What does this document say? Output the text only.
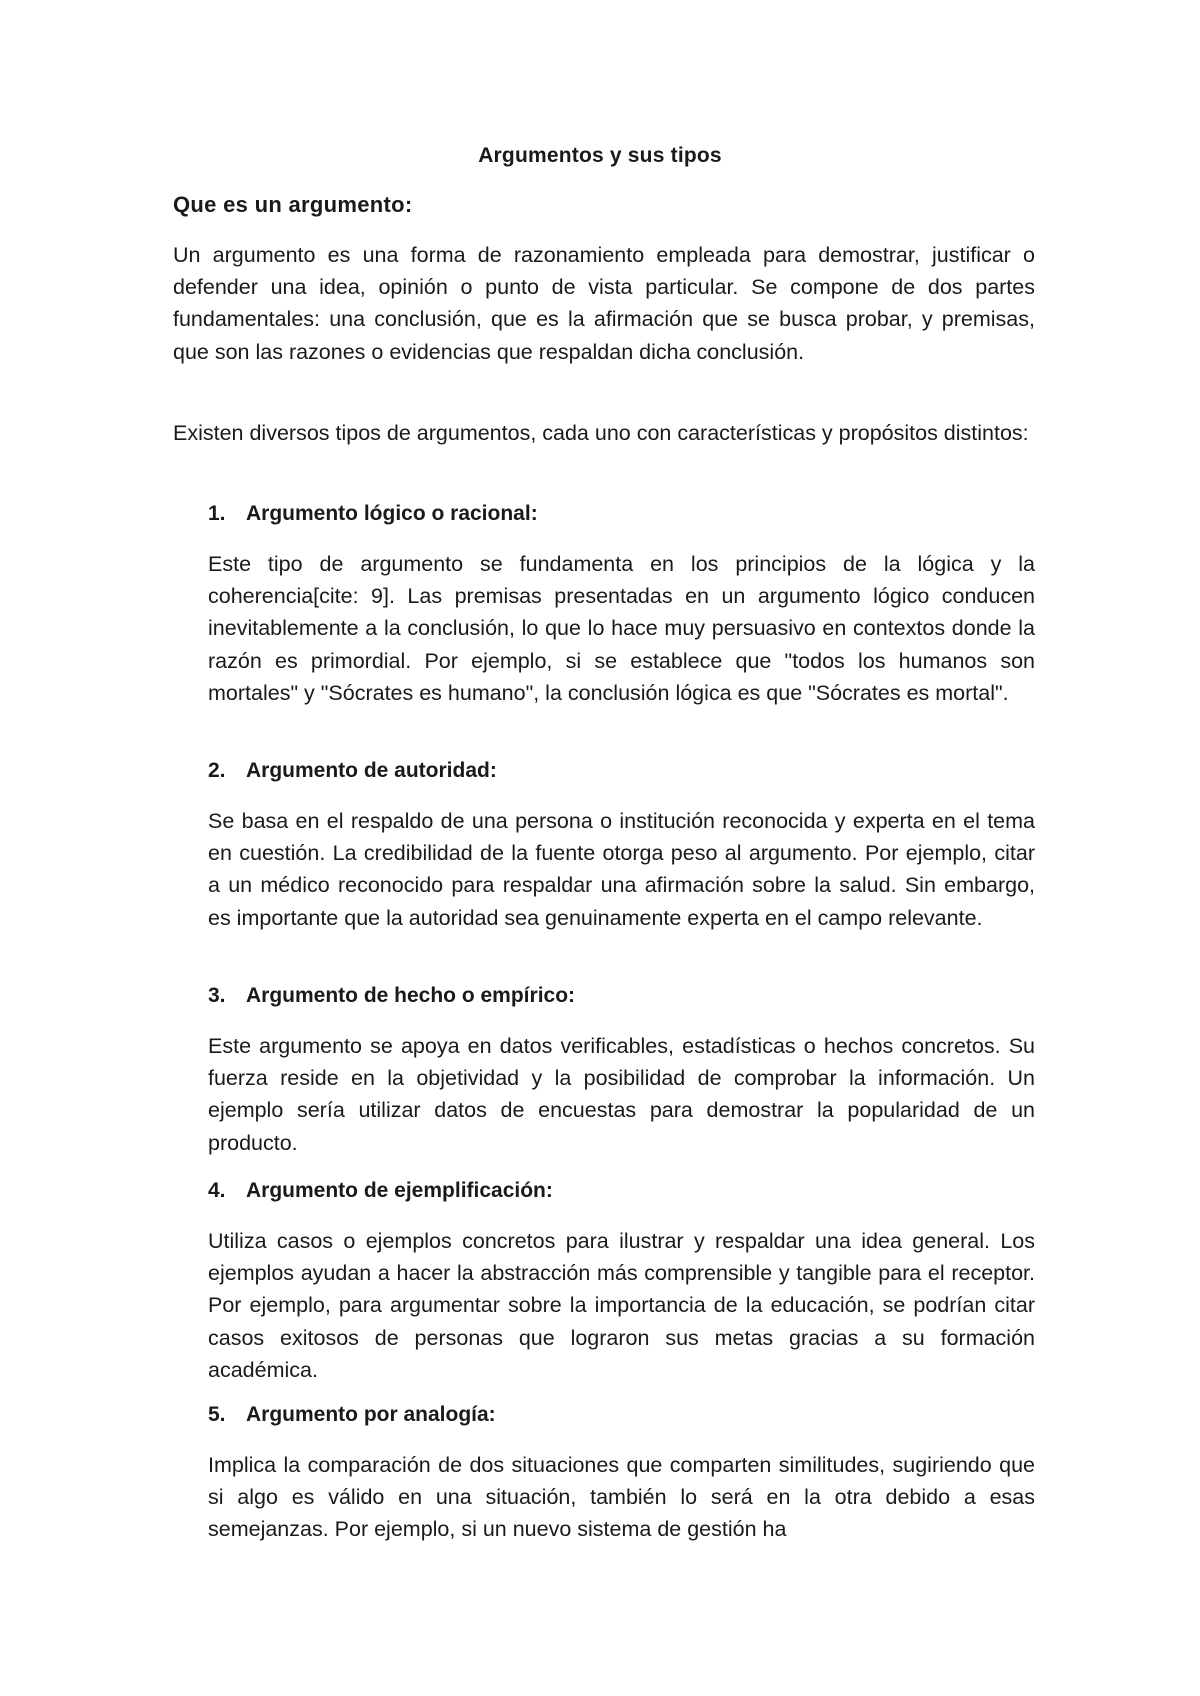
Argumentos y sus tipos
Que es un argumento:

Un argumento es una forma de razonamiento empleada para demostrar, justificar o defender una idea, opinión o punto de vista particular. Se compone de dos partes fundamentales: una conclusión, que es la afirmación que se busca probar, y premisas, que son las razones o evidencias que respaldan dicha conclusión.

Existen diversos tipos de argumentos, cada uno con características y propósitos distintos:

1. Argumento lógico o racional:

Este tipo de argumento se fundamenta en los principios de la lógica y la coherencia[cite: 9]. Las premisas presentadas en un argumento lógico conducen inevitablemente a la conclusión, lo que lo hace muy persuasivo en contextos donde la razón es primordial. Por ejemplo, si se establece que "todos los humanos son mortales" y "Sócrates es humano", la conclusión lógica es que "Sócrates es mortal".

2. Argumento de autoridad:

Se basa en el respaldo de una persona o institución reconocida y experta en el tema en cuestión. La credibilidad de la fuente otorga peso al argumento. Por ejemplo, citar a un médico reconocido para respaldar una afirmación sobre la salud. Sin embargo, es importante que la autoridad sea genuinamente experta en el campo relevante.

3. Argumento de hecho o empírico:

Este argumento se apoya en datos verificables, estadísticas o hechos concretos. Su fuerza reside en la objetividad y la posibilidad de comprobar la información. Un ejemplo sería utilizar datos de encuestas para demostrar la popularidad de un producto.

4. Argumento de ejemplificación:

Utiliza casos o ejemplos concretos para ilustrar y respaldar una idea general. Los ejemplos ayudan a hacer la abstracción más comprensible y tangible para el receptor. Por ejemplo, para argumentar sobre la importancia de la educación, se podrían citar casos exitosos de personas que lograron sus metas gracias a su formación académica.

5. Argumento por analogía:

Implica la comparación de dos situaciones que comparten similitudes, sugiriendo que si algo es válido en una situación, también lo será en la otra debido a esas semejanzas. Por ejemplo, si un nuevo sistema de gestión ha
